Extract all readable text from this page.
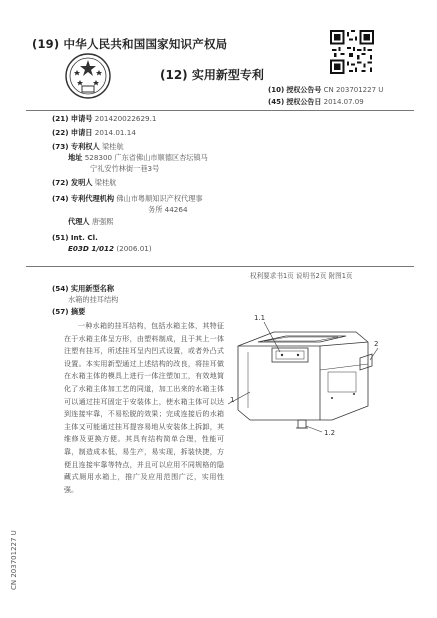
(19) 中华人民共和国国家知识产权局
(12) 实用新型专利
(10) 授权公告号 CN 203701227 U
(45) 授权公告日 2014.07.09
(21) 申请号 201420022629.1
(22) 申请日 2014.01.14
(73) 专利权人 梁桂航
地址 528300 广东省佛山市顺德区杏坛镇马
宁礼安竹林街一巷3号
(72) 发明人 梁桂航
(74) 专利代理机构 佛山市粤顺知识产权代理事
务所 44264
代理人 唐强熙
(51) Int. Cl.
E03D 1/012 (2006.01)
权利要求书1页 说明书2页 附图1页
(54) 实用新型名称
水箱的挂耳结构
(57) 摘要

一种水箱的挂耳结构，包括水箱主体，其特征在于水箱主体呈方形，由塑料制成，且于其上一体注塑有挂耳，所述挂耳呈内凹式设置，或者外凸式设置。本实用新型通过上述结构的改良，将挂耳做在水箱主体的模具上进行一体注塑加工，有效地简化了水箱主体加工艺的同道，加工出来的水箱主体可以通过挂耳固定于安装体上，使水箱主体可以达到连接牢靠，不易松脱的效果；完成连接后的水箱主体又可能通过挂耳提容易地从安装体上拆卸，其维修及更换方便。其具有结构简单合理，性能可靠，制造成本低，易生产，易实现，拆装快捷，方便且连接牢靠等特点，并且可以应用不同规格的隐藏式厕用水箱上，推广及应用范围广泛，实用性强。

1.1
2
1
1.2
CN 203701227 U
